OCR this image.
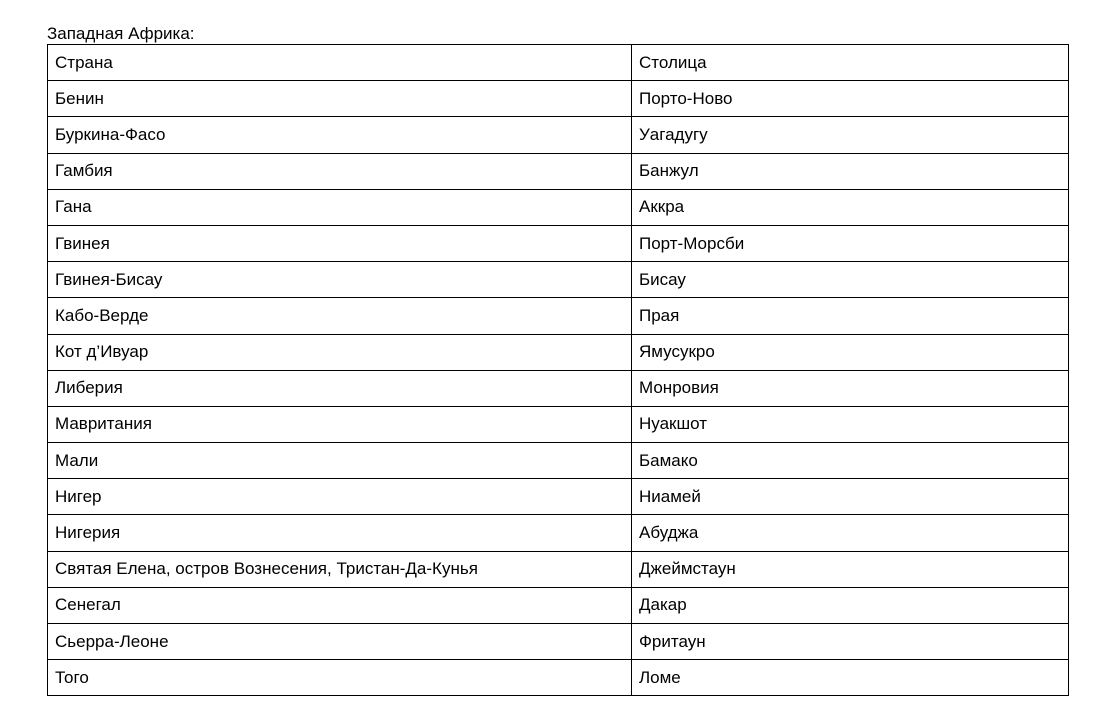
Западная Африка:
Страна	Столица
Бенин	Порто-Ново
Буркина-Фасо	Уагадугу
Гамбия	Банжул
Гана	Аккра
Гвинея	Порт-Морсби
Гвинея-Бисау	Бисау
Кабо-Верде	Прая
Кот д’Ивуар	Ямусукро
Либерия	Монровия
Мавритания	Нуакшот
Мали	Бамако
Нигер	Ниамей
Нигерия	Абуджа
Святая Елена, остров Вознесения, Тристан-Да-Кунья	Джеймстаун
Сенегал	Дакар
Сьерра-Леоне	Фритаун
Того	Ломе
